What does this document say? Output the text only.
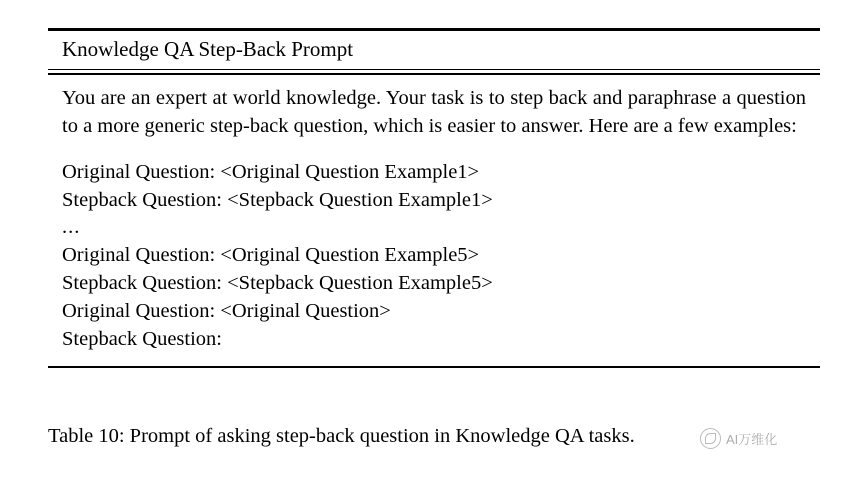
Knowledge QA Step-Back Prompt

You are an expert at world knowledge. Your task is to step back and paraphrase a question to a more generic step-back question, which is easier to answer. Here are a few examples:

Original Question: <Original Question Example1>

Stepback Question: <Stepback Question Example1>

...

Original Question: <Original Question Example5>

Stepback Question: <Stepback Question Example5>

Original Question: <Original Question>

Stepback Question:

Table 10: Prompt of asking step-back question in Knowledge QA tasks.	AI万维化
